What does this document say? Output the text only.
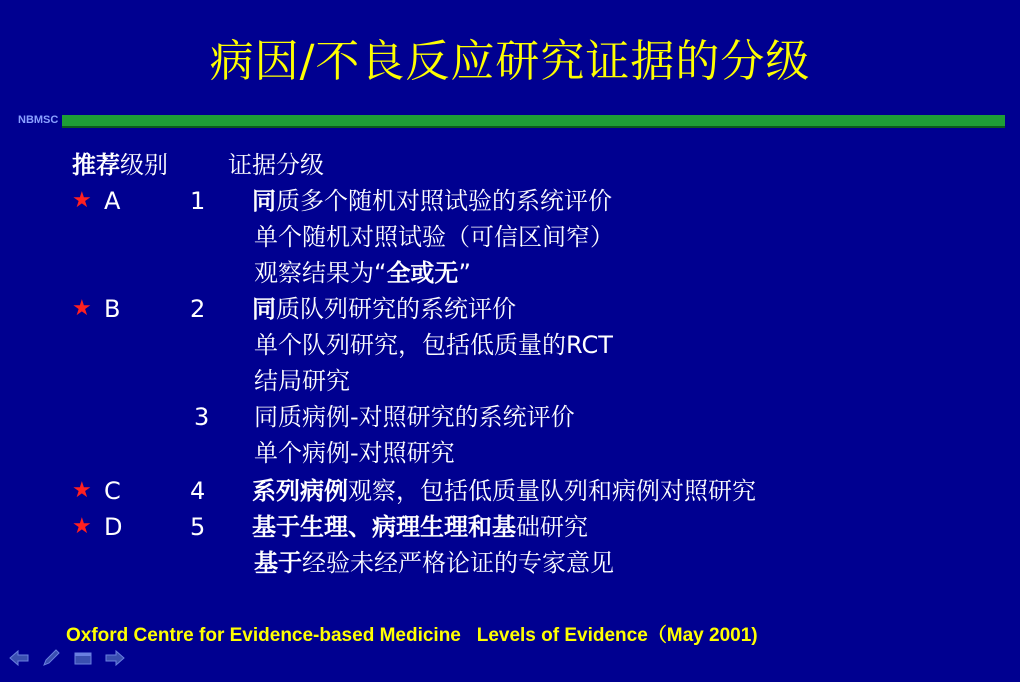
病因/不良反应研究证据的分级
NBMSC
推荐级别	证据分级
★ A	1 同质多个随机对照试验的系统评价
单个随机对照试验（可信区间窄）
观察结果为“全或无”
★ B	2 同质队列研究的系统评价
单个队列研究，包括低质量的RCT
结局研究
3 同质病例-对照研究的系统评价
单个病例-对照研究
★ C	4 系列病例观察，包括低质量队列和病例对照研究
★ D	5 基于生理、病理生理和基础研究
基于经验未经严格论证的专家意见
Oxford Centre for Evidence-based Medicine   Levels of Evidence（May 2001)
